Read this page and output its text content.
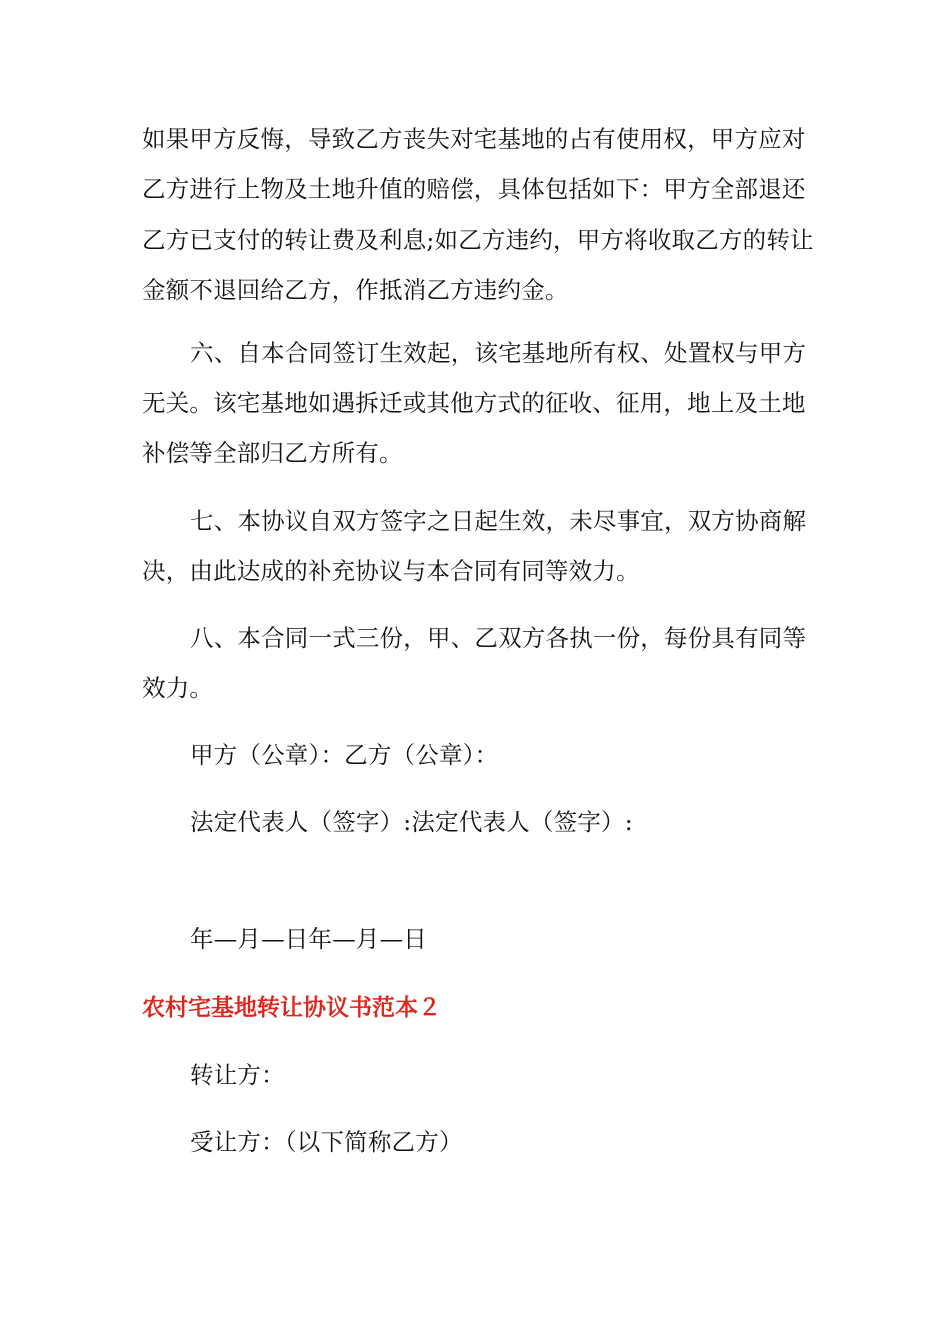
如果甲方反悔，导致乙方丧失对宅基地的占有使用权，甲方应对

乙方进行上物及土地升值的赔偿，具体包括如下：甲方全部退还

乙方已支付的转让费及利息;如乙方违约，甲方将收取乙方的转让

金额不退回给乙方，作抵消乙方违约金。

六、自本合同签订生效起，该宅基地所有权、处置权与甲方

无关。该宅基地如遇拆迁或其他方式的征收、征用，地上及土地

补偿等全部归乙方所有。

七、本协议自双方签字之日起生效，未尽事宜，双方协商解

决，由此达成的补充协议与本合同有同等效力。

八、本合同一式三份，甲、乙双方各执一份，每份具有同等

效力。

甲方（公章）：乙方（公章）：

法定代表人（签字）:法定代表人（签字）:

年—月—日年—月—日

农村宅基地转让协议书范本２

转让方：

受让方：（以下简称乙方）
